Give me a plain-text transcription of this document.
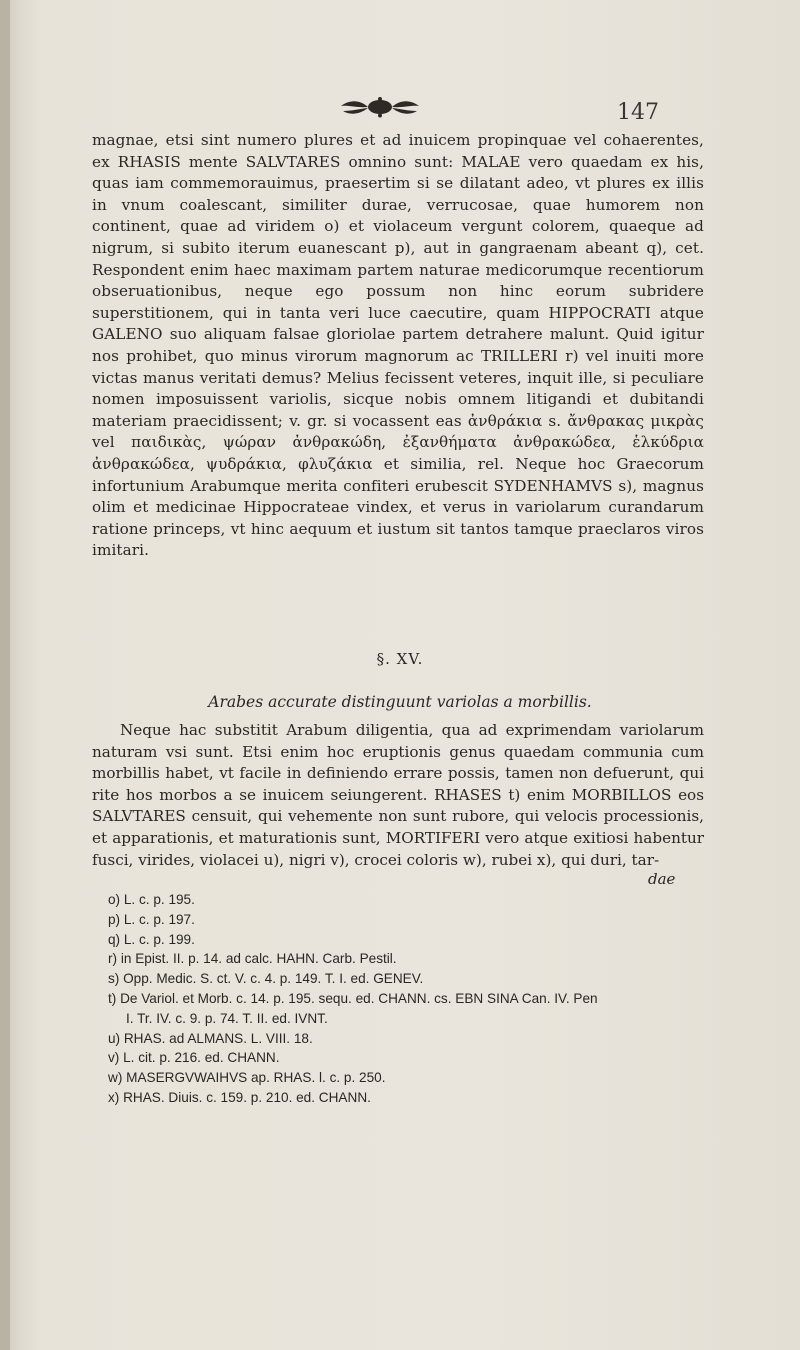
147

magnae, etsi sint numero plures et ad inuicem propinquae vel cohaerentes, ex RHASIS mente SALVTARES omnino sunt: MALAE vero quaedam ex his, quas iam commemorauimus, praesertim si se dilatant adeo, vt plures ex illis in vnum coalescant, similiter durae, verrucosae, quae humorem non continent, quae ad viridem o) et violaceum vergunt colorem, quaeque ad nigrum, si subito iterum euanescant p), aut in gangraenam abeant q), cet. Respondent enim haec maximam partem naturae medicorumque recentiorum obseruationibus, neque ego possum non hinc eorum subridere superstitionem, qui in tanta veri luce caecutire, quam HIPPOCRATI atque GALENO suo aliquam falsae gloriolae partem detrahere malunt. Quid igitur nos prohibet, quo minus virorum magnorum ac TRILLERI r) vel inuiti more victas manus veritati demus? Melius fecissent veteres, inquit ille, si peculiare nomen imposuissent variolis, sicque nobis omnem litigandi et dubitandi materiam praecidissent; v. gr. si vocassent eas ἀνθράκια s. ἄνθρακας μικρὰς vel παιδικὰς, ψώραν ἀνθρακώδη, ἐξανθήματα ἀνθρακώδεα, ἑλκύδρια ἀνθρακώδεα, ψυδράκια, φλυζάκια et similia, rel. Neque hoc Graecorum infortunium Arabumque merita confiteri erubescit SYDENHAMVS s), magnus olim et medicinae Hippocrateae vindex, et verus in variolarum curandarum ratione princeps, vt hinc aequum et iustum sit tantos tamque praeclaros viros imitari.

§. XV.
Arabes accurate distinguunt variolas a morbillis.

Neque hac substitit Arabum diligentia, qua ad exprimendam variolarum naturam vsi sunt. Etsi enim hoc eruptionis genus quaedam communia cum morbillis habet, vt facile in definiendo errare possis, tamen non defuerunt, qui rite hos morbos a se inuicem seiungerent. RHASES t) enim MORBILLOS eos SALVTARES censuit, qui vehemente non sunt rubore, qui velocis processionis, et apparationis, et maturationis sunt, MORTIFERI vero atque exitiosi habentur fusci, virides, violacei u), nigri v), crocei coloris w), rubei x), qui duri, tar-

dae
o) L. c. p. 195.
p) L. c. p. 197.
q) L. c. p. 199.
r) in Epist. II. p. 14. ad calc. HAHN. Carb. Pestil.
s) Opp. Medic. S. ct. V. c. 4. p. 149. T. I. ed. GENEV.
t) De Variol. et Morb. c. 14. p. 195. sequ. ed. CHANN. cs. EBN SINA Can. IV. Pen
I. Tr. IV. c. 9. p. 74. T. II. ed. IVNT.
u) RHAS. ad ALMANS. L. VIII. 18.
v) L. cit. p. 216. ed. CHANN.
w) MASERGVWAIHVS ap. RHAS. l. c. p. 250.
x) RHAS. Diuis. c. 159. p. 210. ed. CHANN.
